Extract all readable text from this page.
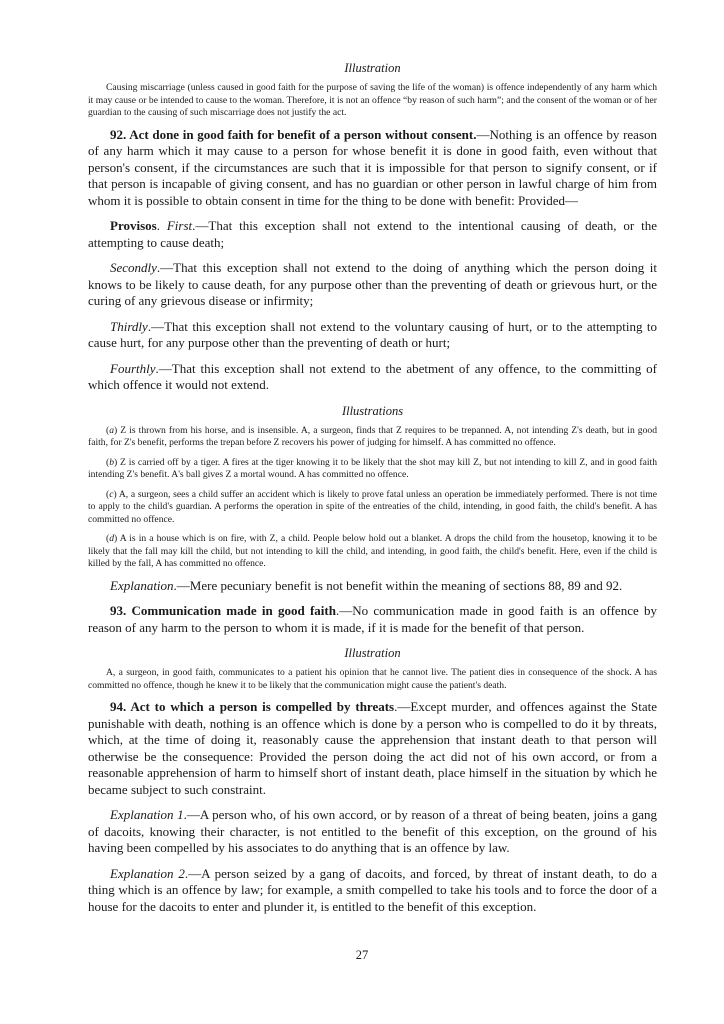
Illustration

Causing miscarriage (unless caused in good faith for the purpose of saving the life of the woman) is offence independently of any harm which it may cause or be intended to cause to the woman. Therefore, it is not an offence “by reason of such harm”; and the consent of the woman or of her guardian to the causing of such miscarriage does not justify the act.

92. Act done in good faith for benefit of a person without consent.—Nothing is an offence by reason of any harm which it may cause to a person for whose benefit it is done in good faith, even without that person's consent, if the circumstances are such that it is impossible for that person to signify consent, or if that person is incapable of giving consent, and has no guardian or other person in lawful charge of him from whom it is possible to obtain consent in time for the thing to be done with benefit: Provided—

Provisos. First.—That this exception shall not extend to the intentional causing of death, or the attempting to cause death;

Secondly.—That this exception shall not extend to the doing of anything which the person doing it knows to be likely to cause death, for any purpose other than the preventing of death or grievous hurt, or the curing of any grievous disease or infirmity;

Thirdly.—That this exception shall not extend to the voluntary causing of hurt, or to the attempting to cause hurt, for any purpose other than the preventing of death or hurt;

Fourthly.—That this exception shall not extend to the abetment of any offence, to the committing of which offence it would not extend.

Illustrations

(a) Z is thrown from his horse, and is insensible. A, a surgeon, finds that Z requires to be trepanned. A, not intending Z's death, but in good faith, for Z's benefit, performs the trepan before Z recovers his power of judging for himself. A has committed no offence.

(b) Z is carried off by a tiger. A fires at the tiger knowing it to be likely that the shot may kill Z, but not intending to kill Z, and in good faith intending Z's benefit. A's ball gives Z a mortal wound. A has committed no offence.

(c) A, a surgeon, sees a child suffer an accident which is likely to prove fatal unless an operation be immediately performed. There is not time to apply to the child's guardian. A performs the operation in spite of the entreaties of the child, intending, in good faith, the child's benefit. A has committed no offence.

(d) A is in a house which is on fire, with Z, a child. People below hold out a blanket. A drops the child from the housetop, knowing it to be likely that the fall may kill the child, but not intending to kill the child, and intending, in good faith, the child's benefit. Here, even if the child is killed by the fall, A has committed no offence.

Explanation.—Mere pecuniary benefit is not benefit within the meaning of sections 88, 89 and 92.

93. Communication made in good faith.—No communication made in good faith is an offence by reason of any harm to the person to whom it is made, if it is made for the benefit of that person.

Illustration

A, a surgeon, in good faith, communicates to a patient his opinion that he cannot live. The patient dies in consequence of the shock. A has committed no offence, though he knew it to be likely that the communication might cause the patient's death.

94. Act to which a person is compelled by threats.—Except murder, and offences against the State punishable with death, nothing is an offence which is done by a person who is compelled to do it by threats, which, at the time of doing it, reasonably cause the apprehension that instant death to that person will otherwise be the consequence: Provided the person doing the act did not of his own accord, or from a reasonable apprehension of harm to himself short of instant death, place himself in the situation by which he became subject to such constraint.

Explanation 1.—A person who, of his own accord, or by reason of a threat of being beaten, joins a gang of dacoits, knowing their character, is not entitled to the benefit of this exception, on the ground of his having been compelled by his associates to do anything that is an offence by law.

Explanation 2.—A person seized by a gang of dacoits, and forced, by threat of instant death, to do a thing which is an offence by law; for example, a smith compelled to take his tools and to force the door of a house for the dacoits to enter and plunder it, is entitled to the benefit of this exception.

27
